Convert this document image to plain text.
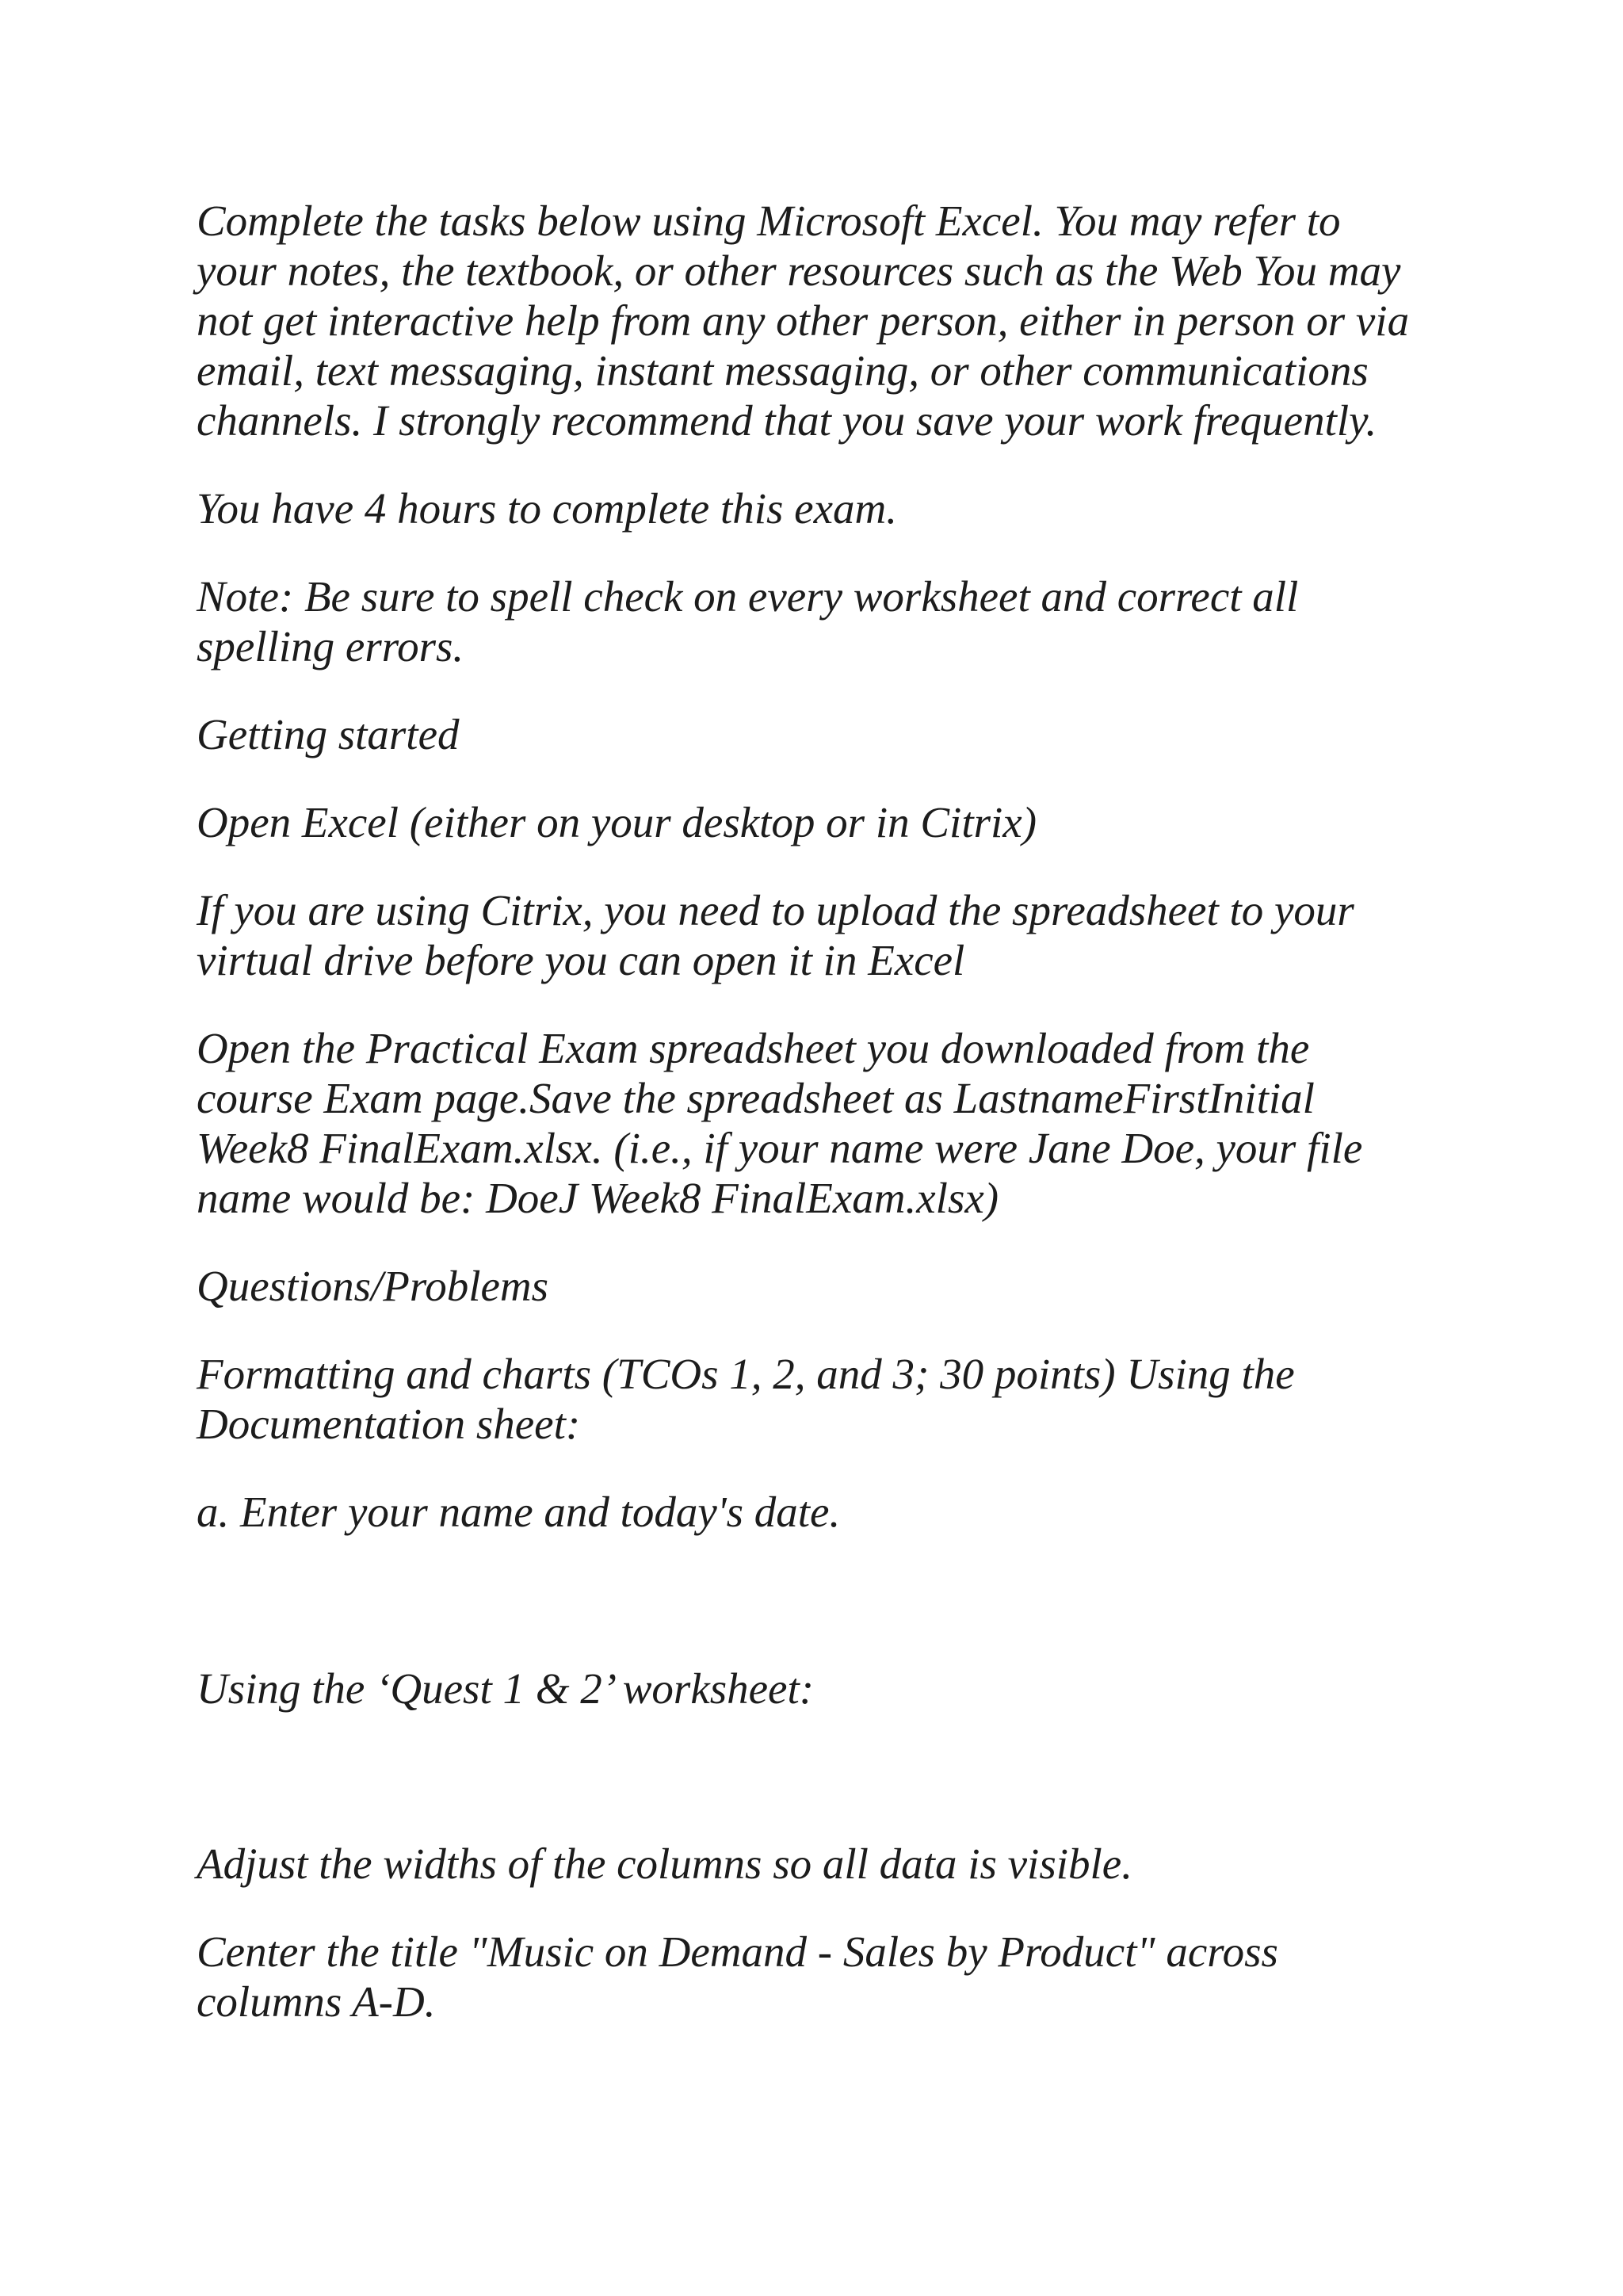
Complete the tasks below using Microsoft Excel. You may refer to
your notes, the textbook, or other resources such as the Web You may
not get interactive help from any other person, either in person or via
email, text messaging, instant messaging, or other communications
channels. I strongly recommend that you save your work frequently.
You have 4 hours to complete this exam.
Note: Be sure to spell check on every worksheet and correct all
spelling errors.
Getting started
Open Excel (either on your desktop or in Citrix)
If you are using Citrix, you need to upload the spreadsheet to your
virtual drive before you can open it in Excel
Open the Practical Exam spreadsheet you downloaded from the
course Exam page.Save the spreadsheet as LastnameFirstInitial
Week8 FinalExam.xlsx. (i.e., if your name were Jane Doe, your file
name would be: DoeJ Week8 FinalExam.xlsx)
Questions/Problems
Formatting and charts (TCOs 1, 2, and 3; 30 points) Using the
Documentation sheet:
a. Enter your name and today's date.
Using the ‘Quest 1 & 2’ worksheet:
Adjust the widths of the columns so all data is visible.
Center the title "Music on Demand - Sales by Product" across
columns A-D.
